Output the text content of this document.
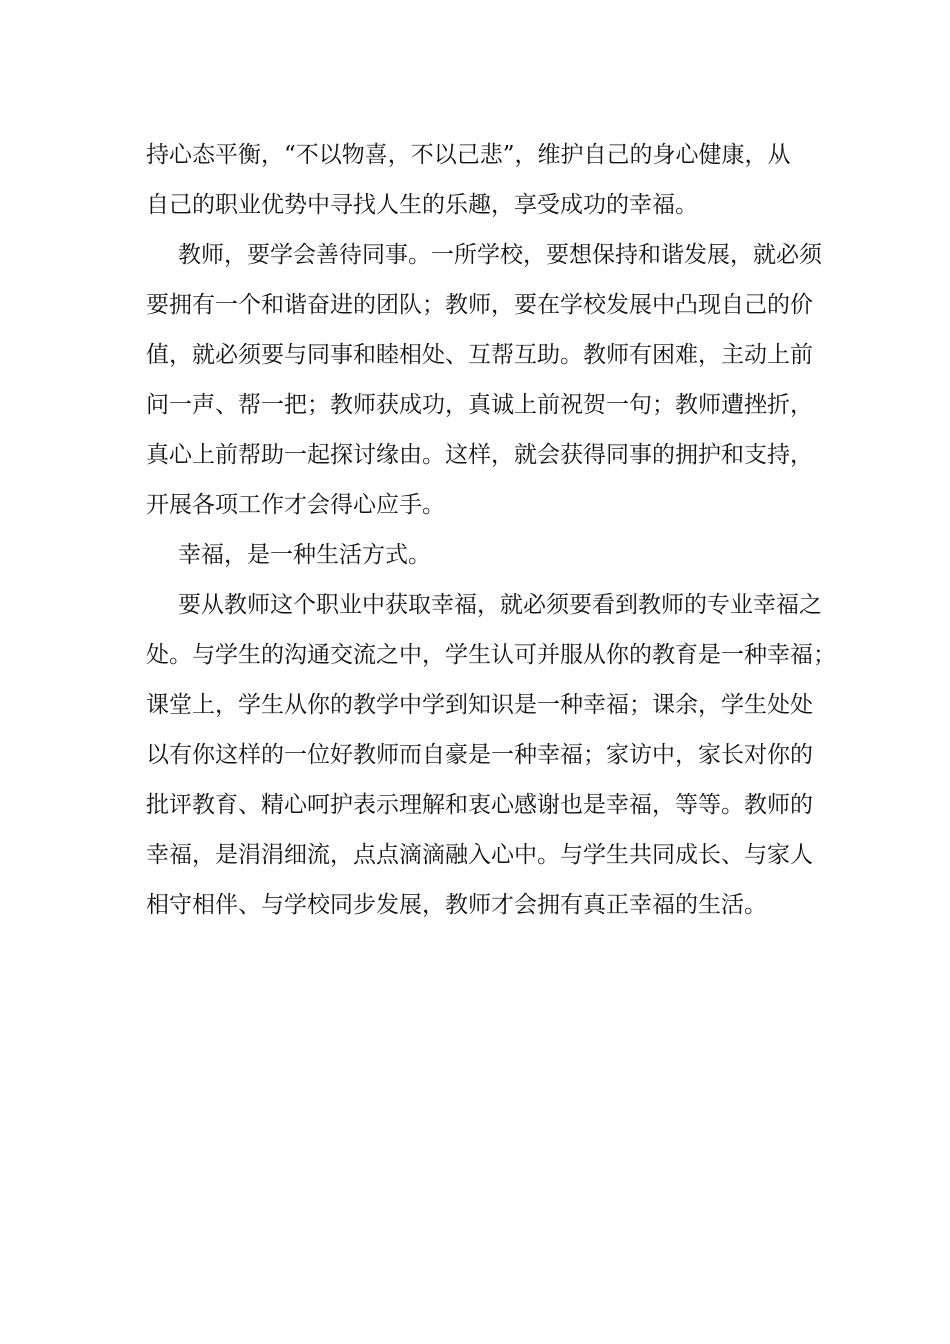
持心态平衡，“不以物喜，不以己悲”，维护自己的身心健康，从
自己的职业优势中寻找人生的乐趣，享受成功的幸福。
教师，要学会善待同事。一所学校，要想保持和谐发展，就必须
要拥有一个和谐奋进的团队；教师，要在学校发展中凸现自己的价
值，就必须要与同事和睦相处、互帮互助。教师有困难，主动上前
问一声、帮一把；教师获成功，真诚上前祝贺一句；教师遭挫折，
真心上前帮助一起探讨缘由。这样，就会获得同事的拥护和支持，
开展各项工作才会得心应手。
幸福，是一种生活方式。
要从教师这个职业中获取幸福，就必须要看到教师的专业幸福之
处。与学生的沟通交流之中，学生认可并服从你的教育是一种幸福；
课堂上，学生从你的教学中学到知识是一种幸福；课余，学生处处
以有你这样的一位好教师而自豪是一种幸福；家访中，家长对你的
批评教育、精心呵护表示理解和衷心感谢也是幸福，等等。教师的
幸福，是涓涓细流，点点滴滴融入心中。与学生共同成长、与家人
相守相伴、与学校同步发展，教师才会拥有真正幸福的生活。
